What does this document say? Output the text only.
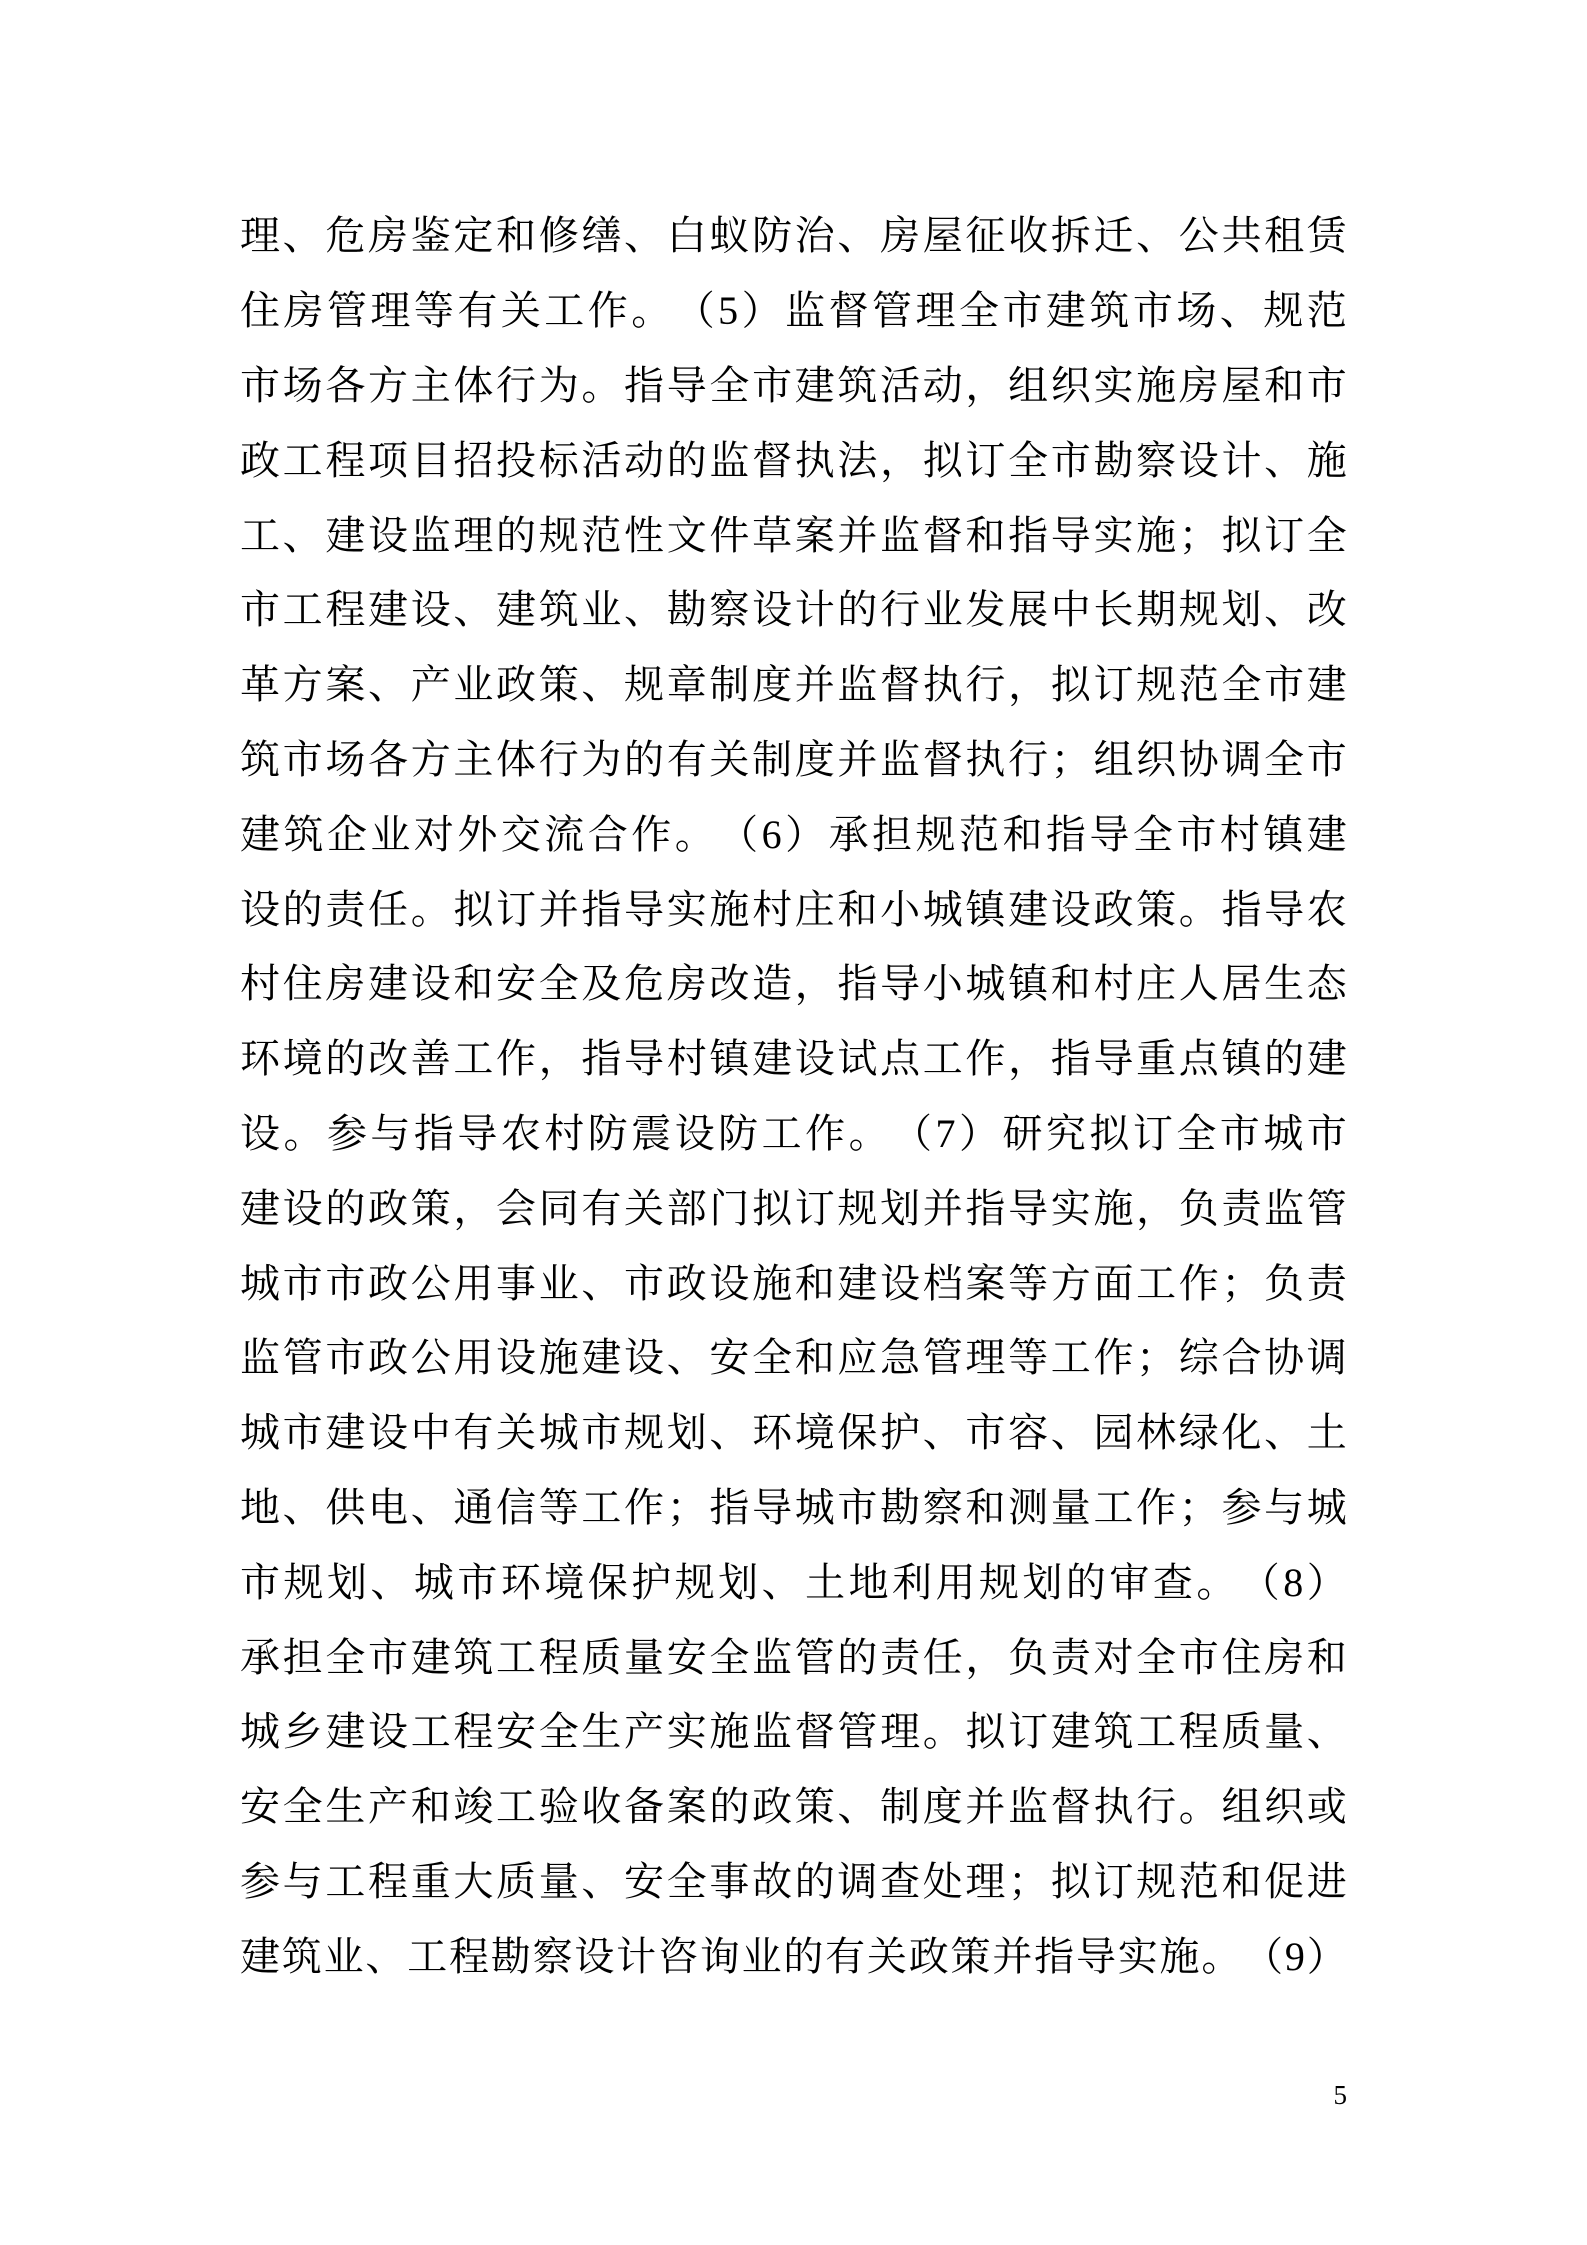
理 、 危 房 鉴 定 和 修 缮 、 白 蚁 防 治 、 房 屋 征 收 拆 迁 、 公 共 租 赁
住 房 管 理 等 有 关 工 作 。 （ 5 ） 监 督 管 理 全 市 建 筑 市 场 、 规 范
市 场 各 方 主 体 行 为 。 指 导 全 市 建 筑 活 动 ， 组 织 实 施 房 屋 和 市
政 工 程 项 目 招 投 标 活 动 的 监 督 执 法 ， 拟 订 全 市 勘 察 设 计 、 施
工 、 建 设 监 理 的 规 范 性 文 件 草 案 并 监 督 和 指 导 实 施 ； 拟 订 全
市 工 程 建 设 、 建 筑 业 、 勘 察 设 计 的 行 业 发 展 中 长 期 规 划 、 改
革 方 案 、 产 业 政 策 、 规 章 制 度 并 监 督 执 行 ， 拟 订 规 范 全 市 建
筑 市 场 各 方 主 体 行 为 的 有 关 制 度 并 监 督 执 行 ； 组 织 协 调 全 市
建 筑 企 业 对 外 交 流 合 作 。 （ 6 ） 承 担 规 范 和 指 导 全 市 村 镇 建
设 的 责 任 。 拟 订 并 指 导 实 施 村 庄 和 小 城 镇 建 设 政 策 。 指 导 农
村 住 房 建 设 和 安 全 及 危 房 改 造 ， 指 导 小 城 镇 和 村 庄 人 居 生 态
环 境 的 改 善 工 作 ， 指 导 村 镇 建 设 试 点 工 作 ， 指 导 重 点 镇 的 建
设 。 参 与 指 导 农 村 防 震 设 防 工 作 。 （ 7 ） 研 究 拟 订 全 市 城 市
建 设 的 政 策 ， 会 同 有 关 部 门 拟 订 规 划 并 指 导 实 施 ， 负 责 监 管
城 市 市 政 公 用 事 业 、 市 政 设 施 和 建 设 档 案 等 方 面 工 作 ； 负 责
监 管 市 政 公 用 设 施 建 设 、 安 全 和 应 急 管 理 等 工 作 ； 综 合 协 调
城 市 建 设 中 有 关 城 市 规 划 、 环 境 保 护 、 市 容 、 园 林 绿 化 、 土
地 、 供 电 、 通 信 等 工 作 ； 指 导 城 市 勘 察 和 测 量 工 作 ； 参 与 城
市 规 划 、 城 市 环 境 保 护 规 划 、 土 地 利 用 规 划 的 审 查 。 （ 8 ）
承 担 全 市 建 筑 工 程 质 量 安 全 监 管 的 责 任 ， 负 责 对 全 市 住 房 和
城 乡 建 设 工 程 安 全 生 产 实 施 监 督 管 理 。 拟 订 建 筑 工 程 质 量 、
安 全 生 产 和 竣 工 验 收 备 案 的 政 策 、 制 度 并 监 督 执 行 。 组 织 或
参 与 工 程 重 大 质 量 、 安 全 事 故 的 调 查 处 理 ； 拟 订 规 范 和 促 进
建 筑 业 、 工 程 勘 察 设 计 咨 询 业 的 有 关 政 策 并 指 导 实 施 。 （ 9 ）
5
